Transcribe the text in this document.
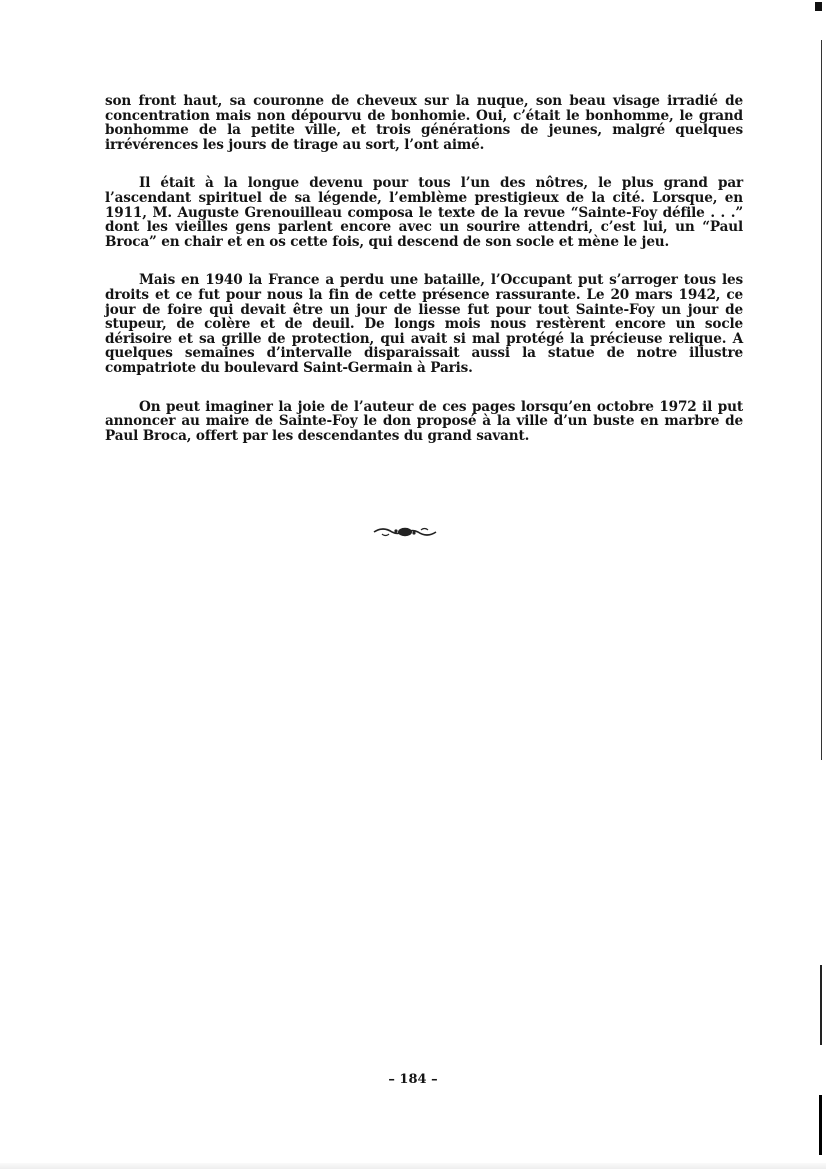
son front haut, sa couronne de cheveux sur la nuque, son beau visage irradié de concentration mais non dépourvu de bonhomie. Oui, c’était le bonhomme, le grand bonhomme de la petite ville, et trois générations de jeunes, malgré quelques irrévérences les jours de tirage au sort, l’ont aimé.

Il était à la longue devenu pour tous l’un des nôtres, le plus grand par l’ascendant spirituel de sa légende, l’emblème prestigieux de la cité. Lorsque, en 1911, M. Auguste Grenouilleau composa le texte de la revue “Sainte-Foy défile . . .” dont les vieilles gens parlent encore avec un sourire attendri, c’est lui, un “Paul Broca” en chair et en os cette fois, qui descend de son socle et mène le jeu.

Mais en 1940 la France a perdu une bataille, l’Occupant put s’arroger tous les droits et ce fut pour nous la fin de cette présence rassurante. Le 20 mars 1942, ce jour de foire qui devait être un jour de liesse fut pour tout Sainte-Foy un jour de stupeur, de colère et de deuil. De longs mois nous restèrent encore un socle dérisoire et sa grille de protection, qui avait si mal protégé la précieuse relique. A quelques semaines d’intervalle disparaissait aussi la statue de notre illustre compatriote du boulevard Saint-Germain à Paris.

On peut imaginer la joie de l’auteur de ces pages lorsqu’en octobre 1972 il put annoncer au maire de Sainte-Foy le don proposé à la ville d’un buste en marbre de Paul Broca, offert par les descendantes du grand savant.

– 184 –
